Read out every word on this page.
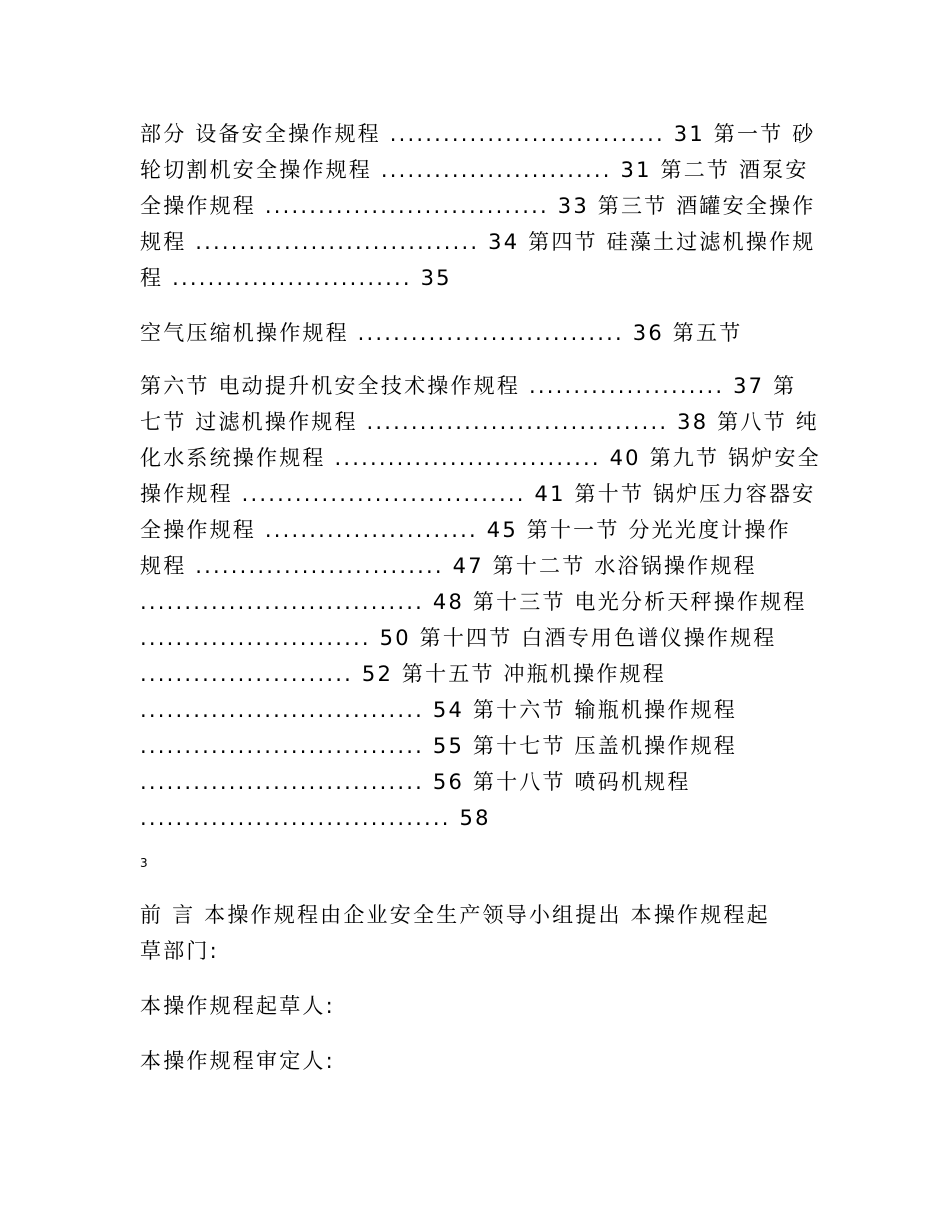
部分 设备安全操作规程 ............................... 31 第一节 砂
轮切割机安全操作规程 .......................... 31 第二节 酒泵安
全操作规程 ................................ 33 第三节 酒罐安全操作
规程 ................................ 34 第四节 硅藻土过滤机操作规
程 ........................... 35
空气压缩机操作规程 .............................. 36 第五节
第六节 电动提升机安全技术操作规程 ...................... 37 第
七节 过滤机操作规程 .................................. 38 第八节 纯
化水系统操作规程 .............................. 40 第九节 锅炉安全
操作规程 ................................ 41 第十节 锅炉压力容器安
全操作规程 ........................ 45 第十一节 分光光度计操作
规程 ............................ 47 第十二节 水浴锅操作规程
................................ 48 第十三节 电光分析天秤操作规程
.......................... 50 第十四节 白酒专用色谱仪操作规程
........................ 52 第十五节 冲瓶机操作规程
................................ 54 第十六节 输瓶机操作规程
................................ 55 第十七节 压盖机操作规程
................................ 56 第十八节 喷码机规程
................................... 58
3
前 言 本操作规程由企业安全生产领导小组提出 本操作规程起
草部门:
本操作规程起草人:
本操作规程审定人:
